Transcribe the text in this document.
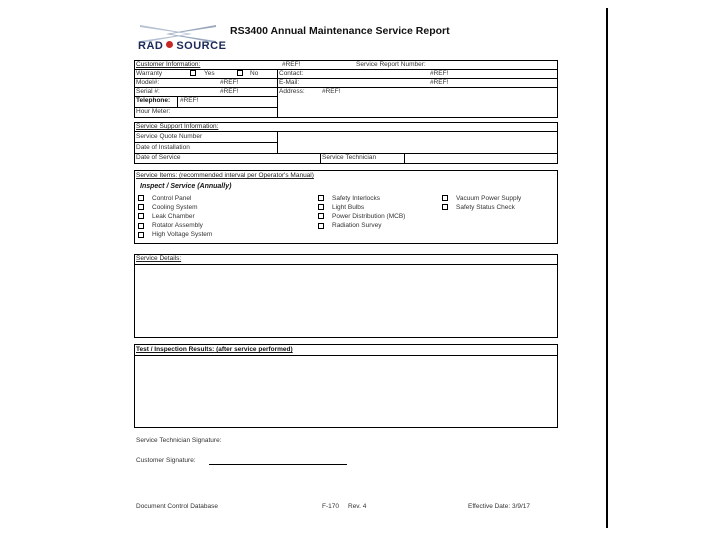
RAD SOURCE
RS3400 Annual Maintenance Service Report
Customer Information:	#REF!	Service Report Number:
Warranty	Yes	No	Contact:	#REF!
Model#:	#REF!	E-Mail:	#REF!
Serial #:	#REF!	Address:	#REF!
Telephone: #REF!
Hour Meter:
Service Support Information:
Service Quote Number
Date of Installation
Date of Service	Service Technician
Service Items: (recommended interval per Operator's Manual)
Inspect / Service (Annually)
Control Panel
Cooling System
Leak Chamber
Rotator Assembly
High Voltage System
Safety Interlocks
Light Bulbs
Power Distribution (MCB)
Radiation Survey
Vacuum Power Supply
Safety Status Check
Service Details:
Test / Inspection Results: (after service performed)
Service Technician Signature:
Customer Signature:
Document Control Database	F-170 Rev. 4	Effective Date: 3/9/17
